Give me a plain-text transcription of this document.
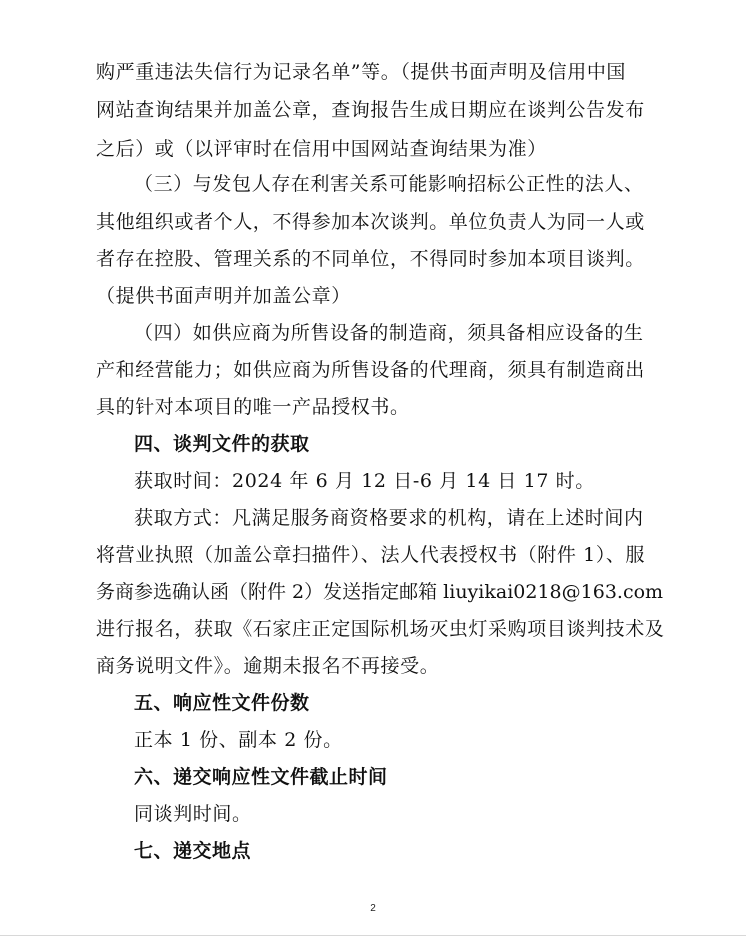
购严重违法失信行为记录名单”等。（提供书面声明及信用中国
网站查询结果并加盖公章，查询报告生成日期应在谈判公告发布
之后）或（以评审时在信用中国网站查询结果为准）
（三）与发包人存在利害关系可能影响招标公正性的法人、
其他组织或者个人，不得参加本次谈判。单位负责人为同一人或
者存在控股、管理关系的不同单位，不得同时参加本项目谈判。
（提供书面声明并加盖公章）
（四）如供应商为所售设备的制造商，须具备相应设备的生
产和经营能力；如供应商为所售设备的代理商，须具有制造商出
具的针对本项目的唯一产品授权书。
四、谈判文件的获取
获取时间：2024 年 6 月 12 日-6 月 14 日 17 时。
获取方式：凡满足服务商资格要求的机构，请在上述时间内
将营业执照（加盖公章扫描件）、法人代表授权书（附件 1）、服
务商参选确认函（附件 2）发送指定邮箱 liuyikai0218@163.com
进行报名，获取《石家庄正定国际机场灭虫灯采购项目谈判技术及
商务说明文件》。逾期未报名不再接受。
五、响应性文件份数
正本 1 份、副本 2 份。
六、递交响应性文件截止时间
同谈判时间。
七、递交地点
2
